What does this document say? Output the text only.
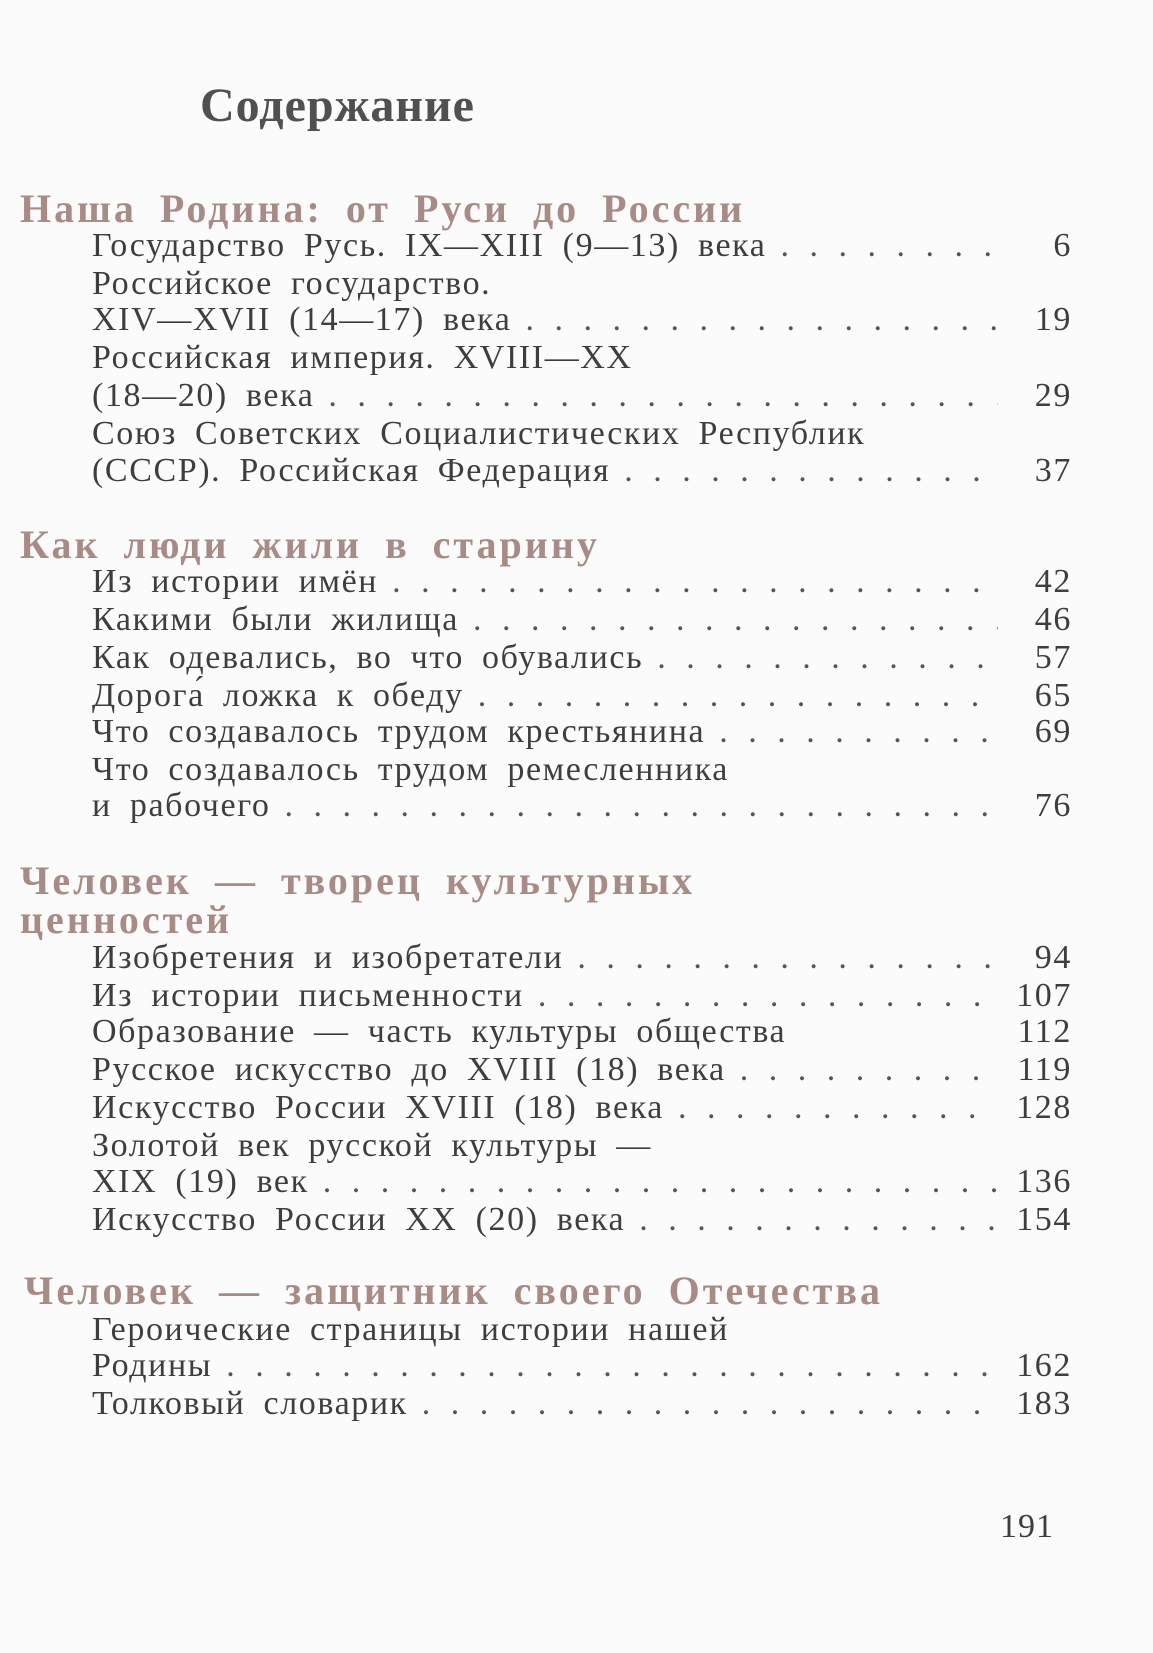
Содержание
Наша Родина: от Руси до России
Государство Русь. IX—XIII (9—13) века . . .	6
Российское государство.
XIV—XVII (14—17) века . . .	19
Российская империя. XVIII—XX
(18—20) века . . .	29
Союз Советских Социалистических Республик
(СССР). Российская Федерация . . .	37
Как люди жили в старину
Из истории имён . . .	42
Какими были жилища . . .	46
Как одевались, во что обувались . . .	57
Дорога́ ложка к обеду . . .	65
Что создавалось трудом крестьянина . . .	69
Что создавалось трудом ремесленника
и рабочего . . .	76
Человек — творец культурных
ценностей
Изобретения и изобретатели . . .	94
Из истории письменности . . .	107
Образование — часть культуры общества	112
Русское искусство до XVIII (18) века . . .	119
Искусство России XVIII (18) века . . .	128
Золотой век русской культуры —
XIX (19) век . . .	136
Искусство России XX (20) века . . .	154
Человек — защитник своего Отечества
Героические страницы истории нашей
Родины . . .	162
Толковый словарик . . .	183
191
